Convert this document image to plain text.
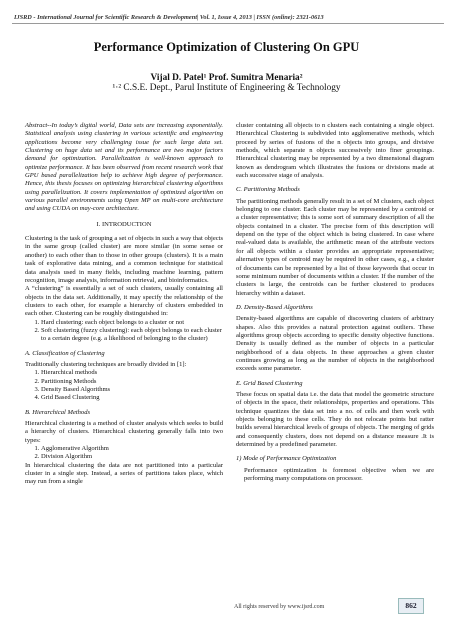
IJSRD - International Journal for Scientific Research & Development| Vol. 1, Issue 4, 2013 | ISSN (online): 2321-0613
Performance Optimization of Clustering On GPU
Vijal D. Patel¹ Prof. Sumitra Menaria²
¹·² C.S.E. Dept., Parul Institute of Engineering & Technology

Abstract--In today’s digital world, Data sets are increasing exponentially. Statistical analysis using clustering in various scientific and engineering applications become very challenging issue for such large data set. Clustering on huge data set and its performance are two major factors demand for optimization. Parallelization is well-known approach to optimize performance. It has been observed from recent research work that GPU based parallelization help to achieve high degree of performance. Hence, this thesis focuses on optimizing hierarchical clustering algorithms using parallelization. It covers implementation of optimized algorithm on various parallel environments using Open MP on multi-core architecture and using CUDA on may-core architecture.

I. INTRODUCTION

Clustering is the task of grouping a set of objects in such a way that objects in the same group (called cluster) are more similar (in some sense or another) to each other than to those in other groups (clusters). It is a main task of explorative data mining, and a common technique for statistical data analysis used in many fields, including machine learning, pattern recognition, image analysis, information retrieval, and bioinformatics.

A “clustering” is essentially a set of such clusters, usually containing all objects in the data set. Additionally, it may specify the relationship of the clusters to each other, for example a hierarchy of clusters embedded in each other. Clustering can be roughly distinguished in:

1. Hard clustering: each object belongs to a cluster or not
2. Soft clustering (fuzzy clustering): each object belongs to each cluster to a certain degree (e.g. a likelihood of belonging to the cluster)
A. Classification of Clustering

Traditionally clustering techniques are broadly divided in [1]:

1. Hierarchical methods
2. Partitioning Methods
3. Density Based Algorithms
4. Grid Based Clustering
B. Hierarchical Methods

Hierarchical clustering is a method of cluster analysis which seeks to build a hierarchy of clusters. Hierarchical clustering generally falls into two types:

1. Agglomerative Algorithm
2. Division Algorithm

In hierarchical clustering the data are not partitioned into a particular cluster in a single step. Instead, a series of partitions takes place, which may run from a single

cluster containing all objects to n clusters each containing a single object. Hierarchical Clustering is subdivided into agglomerative methods, which proceed by series of fusions of the n objects into groups, and divisive methods, which separate n objects successively into finer groupings. Hierarchical clustering may be represented by a two dimensional diagram known as dendrogram which illustrates the fusions or divisions made at each successive stage of analysis.

C. Partitioning Methods

The partitioning methods generally result in a set of M clusters, each object belonging to one cluster. Each cluster may be represented by a centroid or a cluster representative; this is some sort of summary description of all the objects contained in a cluster. The precise form of this description will depend on the type of the object which is being clustered. In case where real-valued data is available, the arithmetic mean of the attribute vectors for all objects within a cluster provides an appropriate representative; alternative types of centroid may be required in other cases, e.g., a cluster of documents can be represented by a list of those keywords that occur in some minimum number of documents within a cluster. If the number of the clusters is large, the centroids can be further clustered to produces hierarchy within a dataset.

D. Density-Based Algorithms

Density-based algorithms are capable of discovering clusters of arbitrary shapes. Also this provides a natural protection against outliers. These algorithms group objects according to specific density objective functions. Density is usually defined as the number of objects in a particular neighborhood of a data objects. In these approaches a given cluster continues growing as long as the number of objects in the neighborhood exceeds some parameter.

E. Grid Based Clustering

These focus on spatial data i.e. the data that model the geometric structure of objects in the space, their relationships, properties and operations. This technique quantizes the data set into a no. of cells and then work with objects belonging to these cells. They do not relocate points but ratter builds several hierarchical levels of groups of objects. The merging of grids and consequently clusters, does not depend on a distance measure .It is determined by a predefined parameter.

1) Mode of Performance Optimization

Performance optimization is foremost objective when we are performing many computations on processor.

All rights reserved by www.ijsrd.com	862
